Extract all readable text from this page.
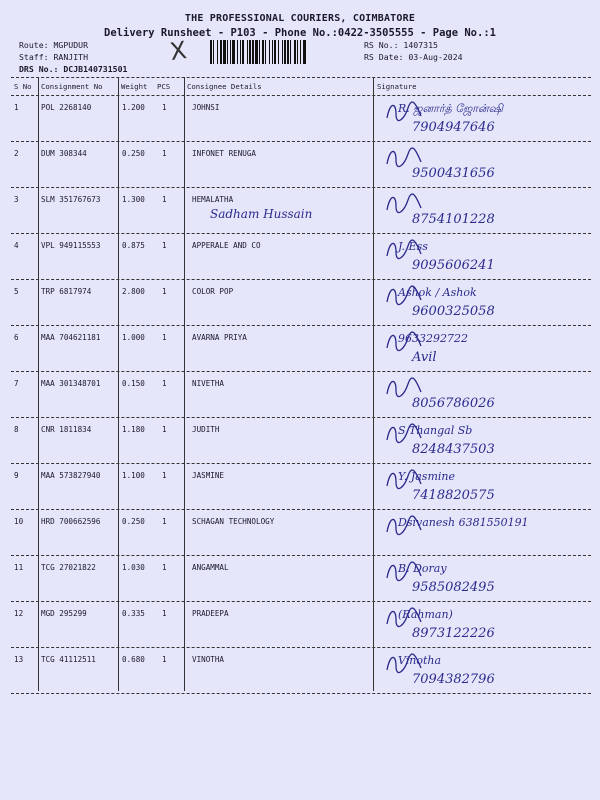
THE PROFESSIONAL COURIERS, COIMBATORE
Delivery Runsheet - P103 - Phone No.:0422-3505555 - Page No.:1
Route: MGPUDUR
Staff: RANJITH
DRS No.: DCJB140731501
RS No.: 1407315
RS Date: 03-Aug-2024
X
S No Consignment No	Weight PCS Consignee Details	Signature
1	POL 2268140	1.200 1	JOHNSI	R. ஜனார்த் ஜோன்ஷி
7904947646
2	DUM 308344	0.250 1	INFONET RENUGA
9500431656
3	SLM 351767673	1.300 1	HEMALATHA
Sadham Hussain	8754101228
4	VPL 949115553	0.875 1	APPERALE AND CO	J. Ess
9095606241
5	TRP 6817974	2.800 1	COLOR POP	Ashok / Ashok
9600325058
6	MAA 704621181	1.000 1	AVARNA PRIYA	9633292722
Avil
7	MAA 301348701	0.150 1	NIVETHA
8056786026
8	CNR 1811834	1.180 1	JUDITH	S Thangal Sb
8248437503
9	MAA 573827940	1.100 1	JASMINE	Y. Jasmine
7418820575
10 HRD 700662596	0.250 1	SCHAGAN TECHNOLOGY	Dsivanesh 6381550191
11 TCG 27021822	1.030 1	ANGAMMAL	B. Doray
9585082495
12 MGD 295299	0.335 1	PRADEEPA	(Rahman)
8973122226
13 TCG 41112511	0.680 1	VINOTHA	Vinotha
7094382796
